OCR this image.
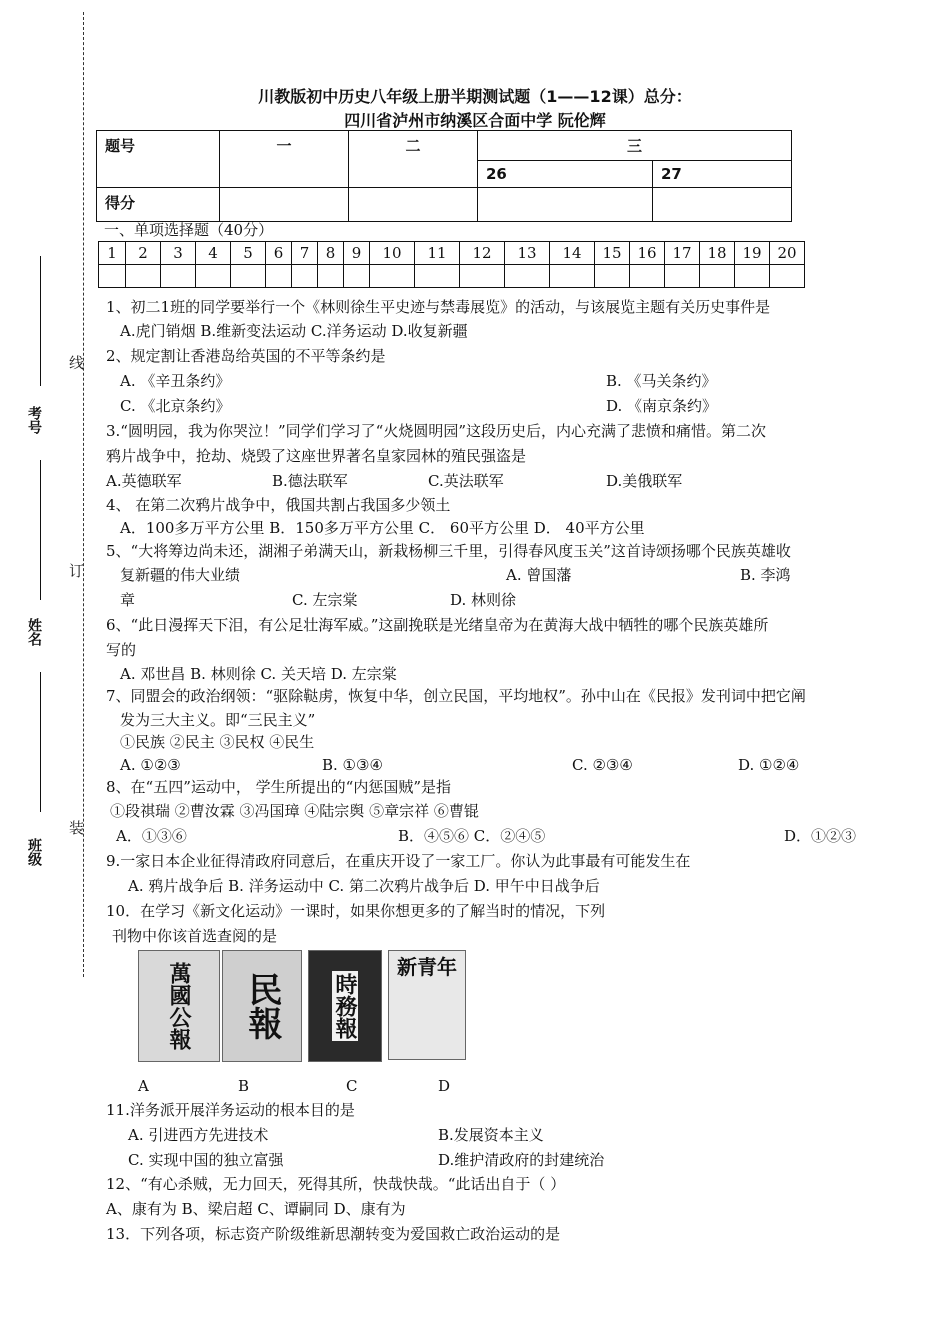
线
订
装
考号
姓名
班级
川教版初中历史八年级上册半期测试题（1——12课）总分：
四川省泸州市纳溪区合面中学 阮伦辉
题号	一	二	三	
			26	27
得分				
一、单项选择题（40分）
1	2	3	4	5	6	7	8	9	10	11	12	13	14	15	16	17	18	19	20

1、初二1班的同学要举行一个《林则徐生平史迹与禁毒展览》的活动，与该展览主题有关历史事件是
A.虎门销烟 B.维新变法运动 C.洋务运动 D.收复新疆
2、规定割让香港岛给英国的不平等条约是
A. 《辛丑条约》	B. 《马关条约》
C. 《北京条约》	D. 《南京条约》
3.“圆明园，我为你哭泣！”同学们学习了“火烧圆明园”这段历史后，内心充满了悲愤和痛惜。第二次
鸦片战争中，抢劫、烧毁了这座世界著名皇家园林的殖民强盗是
A.英德联军	B.德法联军	C.英法联军	D.美俄联军
4、 在第二次鸦片战争中，俄国共割占我国多少领土
A．100多万平方公里 B．150多万平方公里 C． 60平方公里 D． 40平方公里
5、“大将筹边尚未还，湖湘子弟满天山，新栽杨柳三千里，引得春风度玉关”这首诗颂扬哪个民族英雄收
复新疆的伟大业绩	A. 曾国藩	B. 李鸿
章	C. 左宗棠	D. 林则徐
6、“此日漫挥天下泪，有公足壮海军威。”这副挽联是光绪皇帝为在黄海大战中牺牲的哪个民族英雄所
写的
A. 邓世昌 B. 林则徐 C. 关天培 D. 左宗棠
7、同盟会的政治纲领：“驱除鞑虏，恢复中华，创立民国，平均地权”。孙中山在《民报》发刊词中把它阐
发为三大主义。即“三民主义”
①民族 ②民主 ③民权 ④民生
A. ①②③	B. ①③④	C. ②③④	D. ①②④
8、在“五四”运动中， 学生所提出的“内惩国贼”是指
①段祺瑞 ②曹汝霖 ③冯国璋 ④陆宗舆 ⑤章宗祥 ⑥曹锟
A．①③⑥	B．④⑤⑥ C．②④⑤	D．①②③
9.一家日本企业征得清政府同意后，在重庆开设了一家工厂。你认为此事最有可能发生在
A. 鸦片战争后 B. 洋务运动中 C. 第二次鸦片战争后 D. 甲午中日战争后
10．在学习《新文化运动》一课时，如果你想更多的了解当时的情况，下列
刊物中你该首选查阅的是
萬國公報 民報 時務報
新青年
A	B	C	D
11.洋务派开展洋务运动的根本目的是
A. 引进西方先进技术	B.发展资本主义
C. 实现中国的独立富强	D.维护清政府的封建统治
12、“有心杀贼，无力回天，死得其所，快哉快哉。“此话出自于（ ）
A、康有为 B、梁启超 C、谭嗣同 D、康有为
13．下列各项，标志资产阶级维新思潮转变为爱国救亡政治运动的是
